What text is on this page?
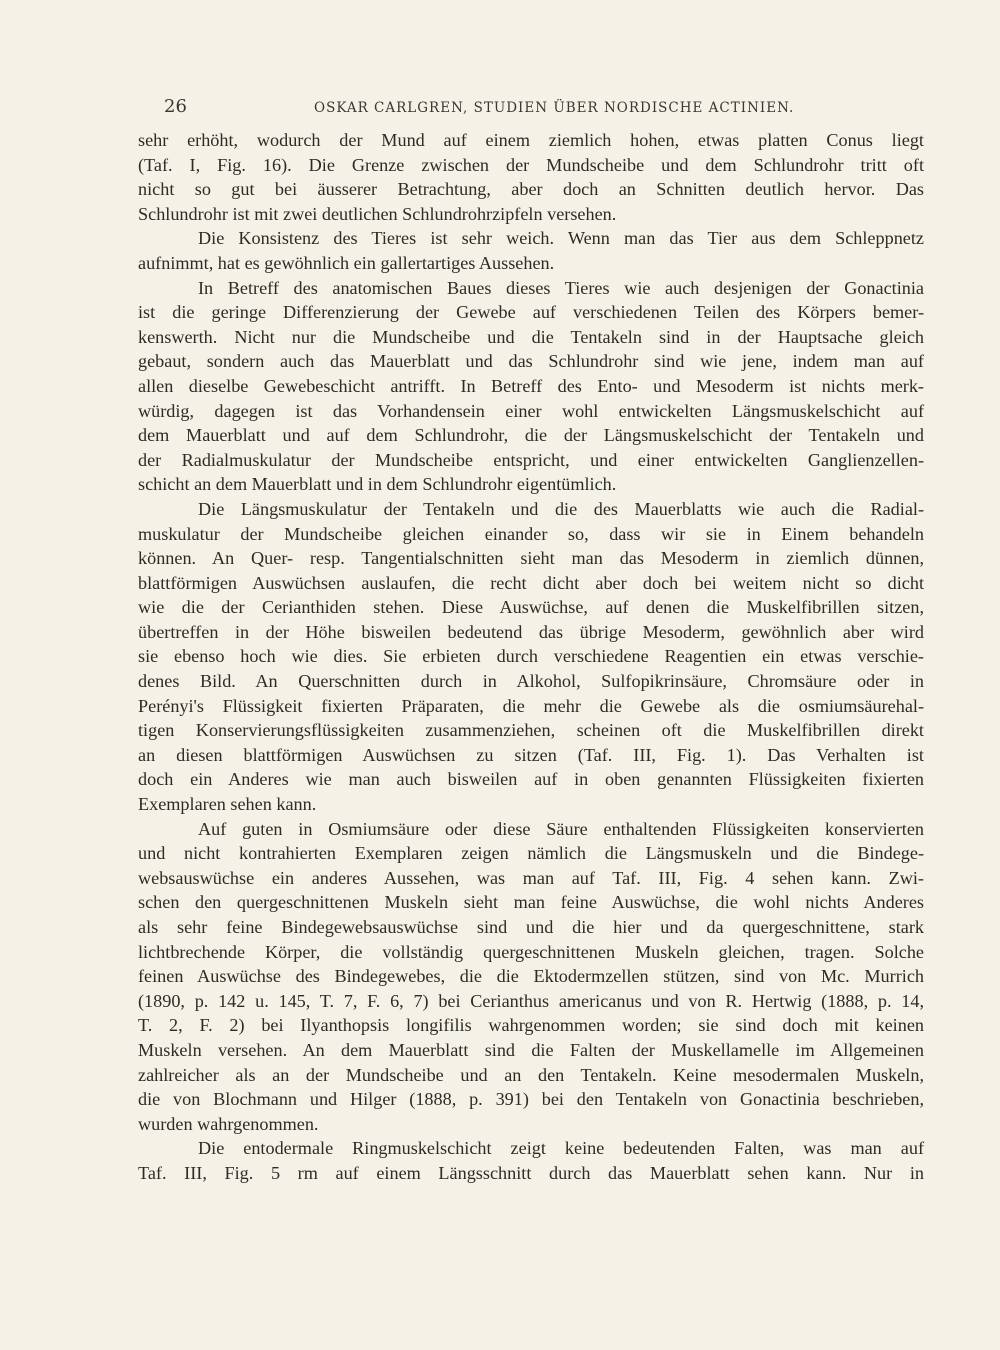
26	OSKAR CARLGREN, STUDIEN ÜBER NORDISCHE ACTINIEN.
sehr erhöht, wodurch der Mund auf einem ziemlich hohen, etwas platten Conus liegt
(Taf. I, Fig. 16). Die Grenze zwischen der Mundscheibe und dem Schlundrohr tritt oft
nicht so gut bei äusserer Betrachtung, aber doch an Schnitten deutlich hervor. Das
Schlundrohr ist mit zwei deutlichen Schlundrohrzipfeln versehen.
Die Konsistenz des Tieres ist sehr weich. Wenn man das Tier aus dem Schleppnetz
aufnimmt, hat es gewöhnlich ein gallertartiges Aussehen.
In Betreff des anatomischen Baues dieses Tieres wie auch desjenigen der Gonactinia
ist die geringe Differenzierung der Gewebe auf verschiedenen Teilen des Körpers bemer-
kenswerth. Nicht nur die Mundscheibe und die Tentakeln sind in der Hauptsache gleich
gebaut, sondern auch das Mauerblatt und das Schlundrohr sind wie jene, indem man auf
allen dieselbe Gewebeschicht antrifft. In Betreff des Ento- und Mesoderm ist nichts merk-
würdig, dagegen ist das Vorhandensein einer wohl entwickelten Längsmuskelschicht auf
dem Mauerblatt und auf dem Schlundrohr, die der Längsmuskelschicht der Tentakeln und
der Radialmuskulatur der Mundscheibe entspricht, und einer entwickelten Ganglienzellen-
schicht an dem Mauerblatt und in dem Schlundrohr eigentümlich.
Die Längsmuskulatur der Tentakeln und die des Mauerblatts wie auch die Radial-
muskulatur der Mundscheibe gleichen einander so, dass wir sie in Einem behandeln
können. An Quer- resp. Tangentialschnitten sieht man das Mesoderm in ziemlich dünnen,
blattförmigen Auswüchsen auslaufen, die recht dicht aber doch bei weitem nicht so dicht
wie die der Cerianthiden stehen. Diese Auswüchse, auf denen die Muskelfibrillen sitzen,
übertreffen in der Höhe bisweilen bedeutend das übrige Mesoderm, gewöhnlich aber wird
sie ebenso hoch wie dies. Sie erbieten durch verschiedene Reagentien ein etwas verschie-
denes Bild. An Querschnitten durch in Alkohol, Sulfopikrinsäure, Chromsäure oder in
Perényi's Flüssigkeit fixierten Präparaten, die mehr die Gewebe als die osmiumsäurehal-
tigen Konservierungsflüssigkeiten zusammenziehen, scheinen oft die Muskelfibrillen direkt
an diesen blattförmigen Auswüchsen zu sitzen (Taf. III, Fig. 1). Das Verhalten ist
doch ein Anderes wie man auch bisweilen auf in oben genannten Flüssigkeiten fixierten
Exemplaren sehen kann.
Auf guten in Osmiumsäure oder diese Säure enthaltenden Flüssigkeiten konservierten
und nicht kontrahierten Exemplaren zeigen nämlich die Längsmuskeln und die Bindege-
websauswüchse ein anderes Aussehen, was man auf Taf. III, Fig. 4 sehen kann. Zwi-
schen den quergeschnittenen Muskeln sieht man feine Auswüchse, die wohl nichts Anderes
als sehr feine Bindegewebsauswüchse sind und die hier und da quergeschnittene, stark
lichtbrechende Körper, die vollständig quergeschnittenen Muskeln gleichen, tragen. Solche
feinen Auswüchse des Bindegewebes, die die Ektodermzellen stützen, sind von Mc. Murrich
(1890, p. 142 u. 145, T. 7, F. 6, 7) bei Cerianthus americanus und von R. Hertwig (1888, p. 14,
T. 2, F. 2) bei Ilyanthopsis longifilis wahrgenommen worden; sie sind doch mit keinen
Muskeln versehen. An dem Mauerblatt sind die Falten der Muskellamelle im Allgemeinen
zahlreicher als an der Mundscheibe und an den Tentakeln. Keine mesodermalen Muskeln,
die von Blochmann und Hilger (1888, p. 391) bei den Tentakeln von Gonactinia beschrieben,
wurden wahrgenommen.
Die entodermale Ringmuskelschicht zeigt keine bedeutenden Falten, was man auf
Taf. III, Fig. 5 rm auf einem Längsschnitt durch das Mauerblatt sehen kann. Nur in
